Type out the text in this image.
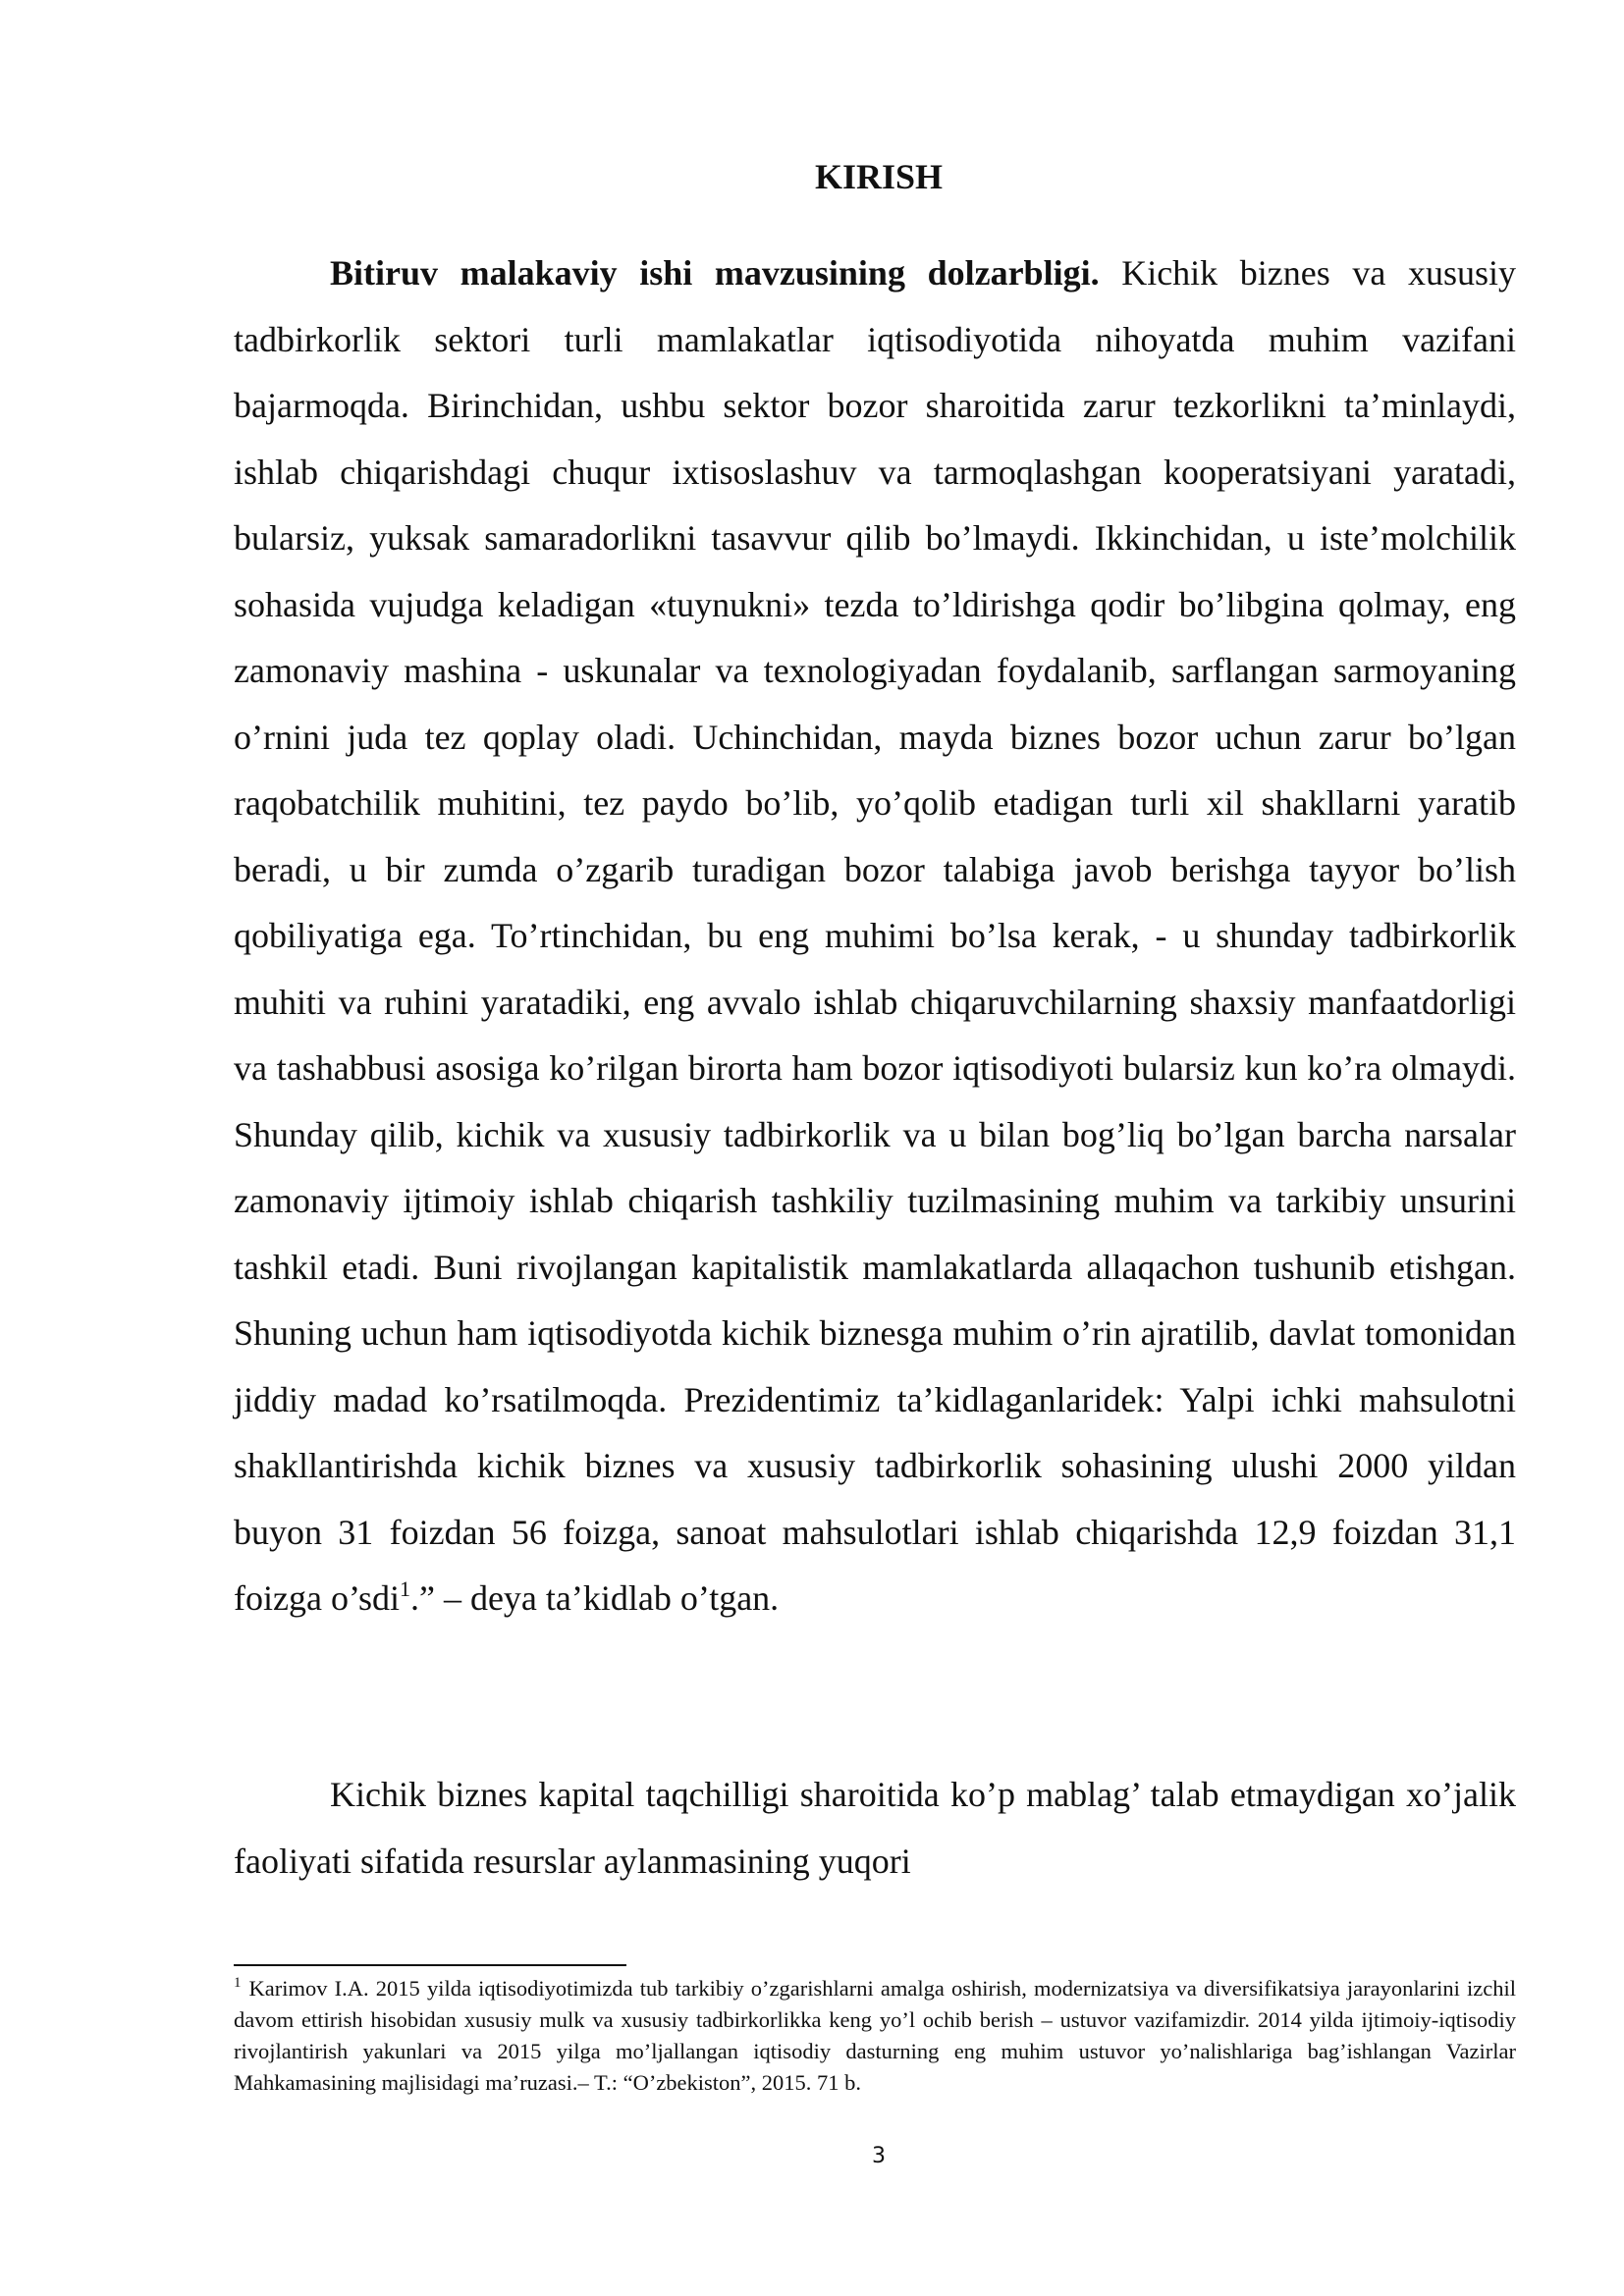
KIRISH

Bitiruv malakaviy ishi mavzusining dolzarbligi. Kichik biznes va xususiy tadbirkorlik sektori turli mamlakatlar iqtisodiyotida nihoyatda muhim vazifani bajarmoqda. Birinchidan, ushbu sektor bozor sharoitida zarur tezkorlikni ta’minlaydi, ishlab chiqarishdagi chuqur ixtisoslashuv va tarmoqlashgan kooperatsiyani yaratadi, bularsiz, yuksak samaradorlikni tasavvur qilib bo’lmaydi. Ikkinchidan, u iste’molchilik sohasida vujudga keladigan «tuynukni» tezda to’ldirishga qodir bo’libgina qolmay, eng zamonaviy mashina - uskunalar va texnologiyadan foydalanib, sarflangan sarmoyaning o’rnini juda tez qoplay oladi. Uchinchidan, mayda biznes bozor uchun zarur bo’lgan raqobatchilik muhitini, tez paydo bo’lib, yo’qolib etadigan turli xil shakllarni yaratib beradi, u bir zumda o’zgarib turadigan bozor talabiga javob berishga tayyor bo’lish qobiliyatiga ega. To’rtinchidan, bu eng muhimi bo’lsa kerak, - u shunday tadbirkorlik muhiti va ruhini yaratadiki, eng avvalo ishlab chiqaruvchilarning shaxsiy manfaatdorligi va tashabbusi asosiga ko’rilgan birorta ham bozor iqtisodiyoti bularsiz kun ko’ra olmaydi. Shunday qilib, kichik va xususiy tadbirkorlik va u bilan bog’liq bo’lgan barcha narsalar zamonaviy ijtimoiy ishlab chiqarish tashkiliy tuzilmasining muhim va tarkibiy unsurini tashkil etadi. Buni rivojlangan kapitalistik mamlakatlarda allaqachon tushunib etishgan. Shuning uchun ham iqtisodiyotda kichik biznesga muhim o’rin ajratilib, davlat tomonidan jiddiy madad ko’rsatilmoqda. Prezidentimiz ta’kidlaganlaridek: Yalpi ichki mahsulotni shakllantirishda kichik biznes va xususiy tadbirkorlik sohasining ulushi 2000 yildan buyon 31 foizdan 56 foizga, sanoat mahsulotlari ishlab chiqarishda 12,9 foizdan 31,1 foizga o’sdi$^1$.” – deya ta’kidlab o’tgan.

Kichik biznes kapital taqchilligi sharoitida ko’p mablag’ talab etmaydigan xo’jalik faoliyati sifatida resurslar aylanmasining yuqori

$^1$ Karimov I.A. 2015 yilda iqtisodiyotimizda tub tarkibiy o’zgarishlarni amalga oshirish, modernizatsiya va diversifikatsiya jarayonlarini izchil davom ettirish hisobidan xususiy mulk va xususiy tadbirkorlikka keng yo’l ochib berish – ustuvor vazifamizdir. 2014 yilda ijtimoiy-iqtisodiy rivojlantirish yakunlari va 2015 yilga mo’ljallangan iqtisodiy dasturning eng muhim ustuvor yo’nalishlariga bag’ishlangan Vazirlar Mahkamasining majlisidagi ma’ruzasi.– T.: “O’zbekiston”, 2015. 71 b.

3
